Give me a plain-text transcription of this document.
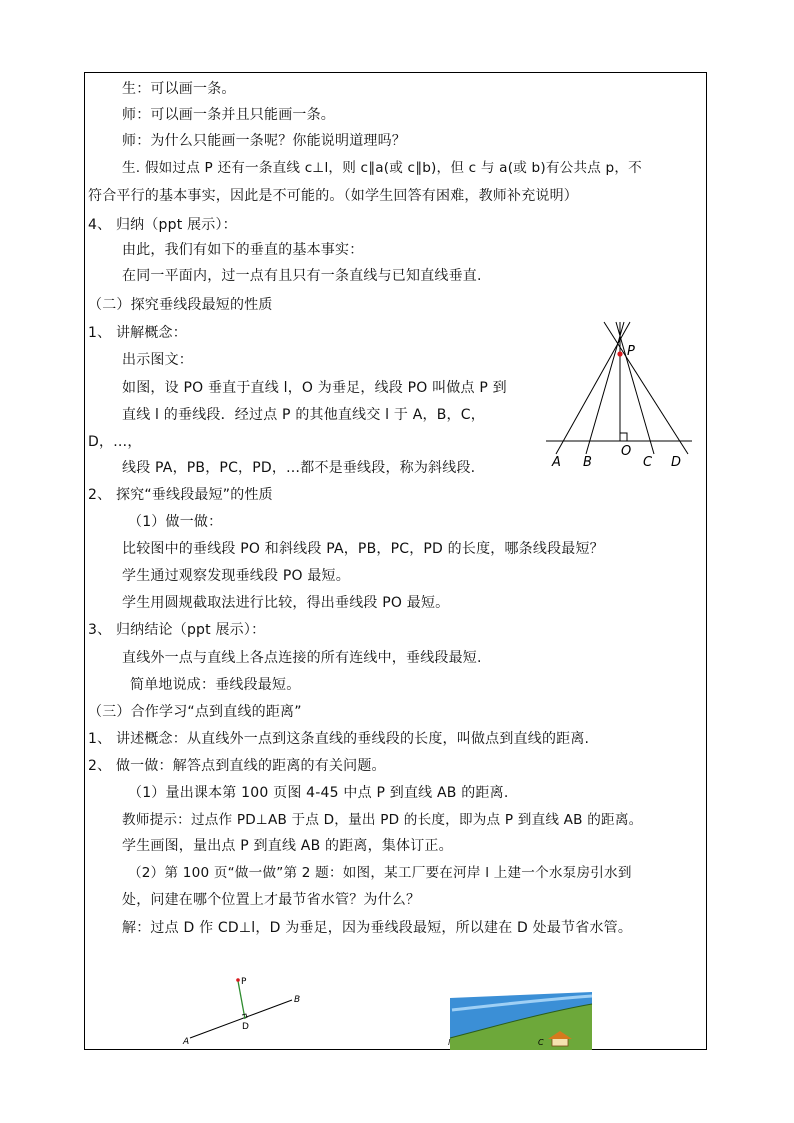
生：可以画一条。
师：可以画一条并且只能画一条。
师：为什么只能画一条呢？你能说明道理吗？
生. 假如过点 P 还有一条直线 c⊥l，则 c∥a(或 c∥b)，但 c 与 a(或 b)有公共点 p，不
符合平行的基本事实，因此是不可能的。（如学生回答有困难，教师补充说明）
4、 归纳（ppt 展示）：
由此，我们有如下的垂直的基本事实：
在同一平面内，过一点有且只有一条直线与已知直线垂直.
（二）探究垂线段最短的性质
1、 讲解概念：
出示图文：
如图，设 PO 垂直于直线 l，O 为垂足，线段 PO 叫做点 P 到
直线 l 的垂线段．经过点 P 的其他直线交 l 于 A，B，C，
D，…，
线段 PA，PB，PC，PD，…都不是垂线段，称为斜线段.
2、 探究“垂线段最短”的性质
（1）做一做：
比较图中的垂线段 PO 和斜线段 PA，PB，PC，PD 的长度，哪条线段最短？
学生通过观察发现垂线段 PO 最短。
学生用圆规截取法进行比较，得出垂线段 PO 最短。
3、 归纳结论（ppt 展示）：
直线外一点与直线上各点连接的所有连线中，垂线段最短.
简单地说成：垂线段最短。
（三）合作学习“点到直线的距离”
1、 讲述概念：从直线外一点到这条直线的垂线段的长度，叫做点到直线的距离.
2、 做一做：解答点到直线的距离的有关问题。
（1）量出课本第 100 页图 4-45 中点 P 到直线 AB 的距离.
教师提示：过点作 PD⊥AB 于点 D，量出 PD 的长度，即为点 P 到直线 AB 的距离。
学生画图，量出点 P 到直线 AB 的距离，集体订正。
（2）第 100 页“做一做”第 2 题：如图，某工厂要在河岸 l 上建一个水泵房引水到
处，问建在哪个位置上才最节省水管？为什么？
解：过点 D 作 CD⊥l，D 为垂足，因为垂线段最短，所以建在 D 处最节省水管。
P
A B
O
C D
P
B
D
A	l	C
